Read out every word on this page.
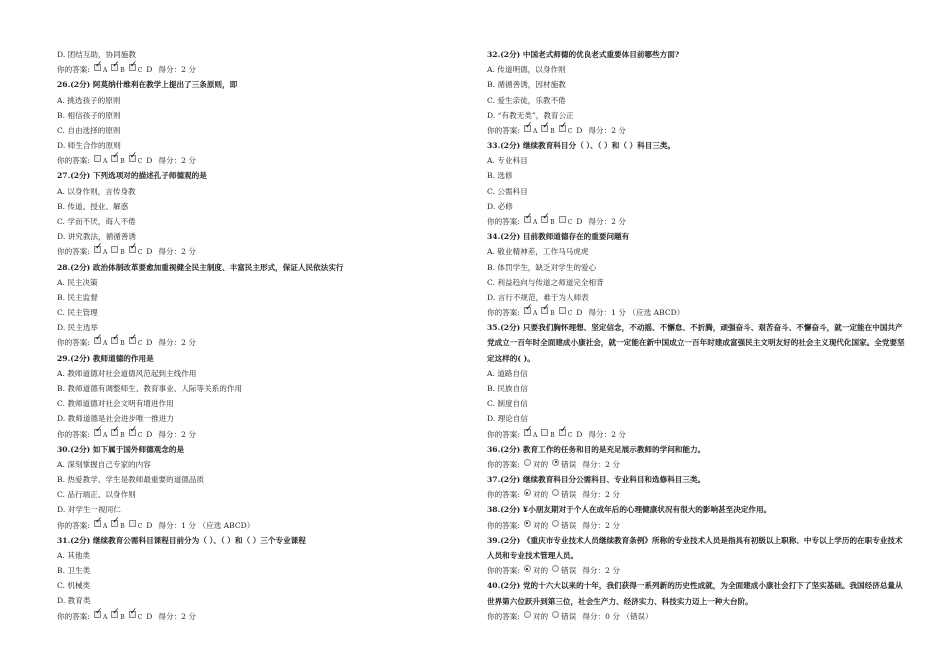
D. 团结互助，协同施教
你的答案: ✓ A ✓ B ✓ C D 得分：2 分
26.(2分) 阿莫纳什维利在教学上提出了三条原则，即
A. 挑选孩子的原则
B. 相信孩子的原则
C. 自由选择的原则
D. 师生合作的原则
你的答案: A ✓ B ✓ C D 得分：2 分
27.(2分) 下列选项对的描述孔子师德观的是
A. 以身作则，言传身教
B. 传道、授业、解惑
C. 学而不厌，诲人不倦
D. 讲究教法，循循善诱
你的答案: ✓ A B ✓ C D 得分：2 分
28.(2分) 政治体制改革要愈加重视健全民主制度、丰富民主形式，保证人民依法实行
A. 民主决策
B. 民主监督
C. 民主管理
D. 民主选举
你的答案: ✓ A ✓ B ✓ C D 得分：2 分
29.(2分) 教师道德的作用是
A. 教师道德对社会道德风范起到主线作用
B. 教师道德有调整师生、教育事业、人际等关系的作用
C. 教师道德对社会文明有增进作用
D. 教师道德是社会进步唯一推进力
你的答案: ✓ A ✓ B ✓ C D 得分：2 分
30.(2分) 如下属于国外师德观念的是
A. 深刻掌握自己专家的内容
B. 热爱教学、学生是教师最重要的道德品质
C. 品行端正、以身作则
D. 对学生一视同仁
你的答案: ✓ A ✓ B C D 得分：1 分 （应选 ABCD）
31.(2分) 继续教育公需科目课程目前分为（ ）、（ ）和（ ）三个专业课程
A. 其他类
B. 卫生类
C. 机械类
D. 教育类
你的答案: ✓ A ✓ B ✓ C D 得分：2 分
32.(2分) 中国老式师德的优良老式重要体目前哪些方面?
A. 传道明德，以身作则
B. 循循善诱，因材施教
C. 爱生亲徒，乐教不倦
D. “有教无类”，教育公正
你的答案: ✓ A ✓ B ✓ C D 得分：2 分
33.(2分) 继续教育科目分（ ）、（ ）和（ ）科目三类。
A. 专业科目
B. 选修
C. 公需科目
D. 必修
你的答案: ✓ A ✓ B C D 得分：2 分
34.(2分) 目前教师道德存在的重要问题有
A. 敬业精神差，工作马马虎虎
B. 体罚学生，缺乏对学生的爱心
C. 利益趋向与传道之师道完全相背
D. 言行不规范，难于为人师表
你的答案: ✓ A ✓ B C D 得分：1 分 （应选 ABCD）
35.(2分) 只要我们胸怀理想、坚定信念，不动摇、不懈怠、不折腾，顽强奋斗、艰苦奋斗、不懈奋斗，就一定能在中国共产党成立一百年时全面建成小康社会，就一定能在新中国成立一百年时建成富强民主文明友好的社会主义现代化国家。全党要坚定这样的( )。
A. 道路自信
B. 民族自信
C. 制度自信
D. 理论自信
你的答案: ✓ A B ✓ C D 得分：2 分
36.(2分) 教育工作的任务和目的是充足展示教师的学问和能力。
你的答案: 对的 错误 得分：2 分
37.(2分) 继续教育科目分公需科目、专业科目和选修科目三类。
你的答案: 对的 错误 得分：2 分
38.(2分) ¥小朋友期对于个人在成年后的心理健康状况有很大的影响甚至决定作用。
你的答案: 对的 错误 得分：2 分
39.(2分) 《重庆市专业技术人员继续教育条例》所称的专业技术人员是指具有初级以上职称、中专以上学历的在职专业技术人员和专业技术管理人员。
你的答案: 对的 错误 得分：2 分
40.(2分) 党的十六大以来的十年，我们获得一系列新的历史性成就，为全面建成小康社会打下了坚实基础。我国经济总量从世界第六位跃升到第三位，社会生产力、经济实力、科技实力迈上一种大台阶。
你的答案: 对的 错误 得分：0 分 （错误）
